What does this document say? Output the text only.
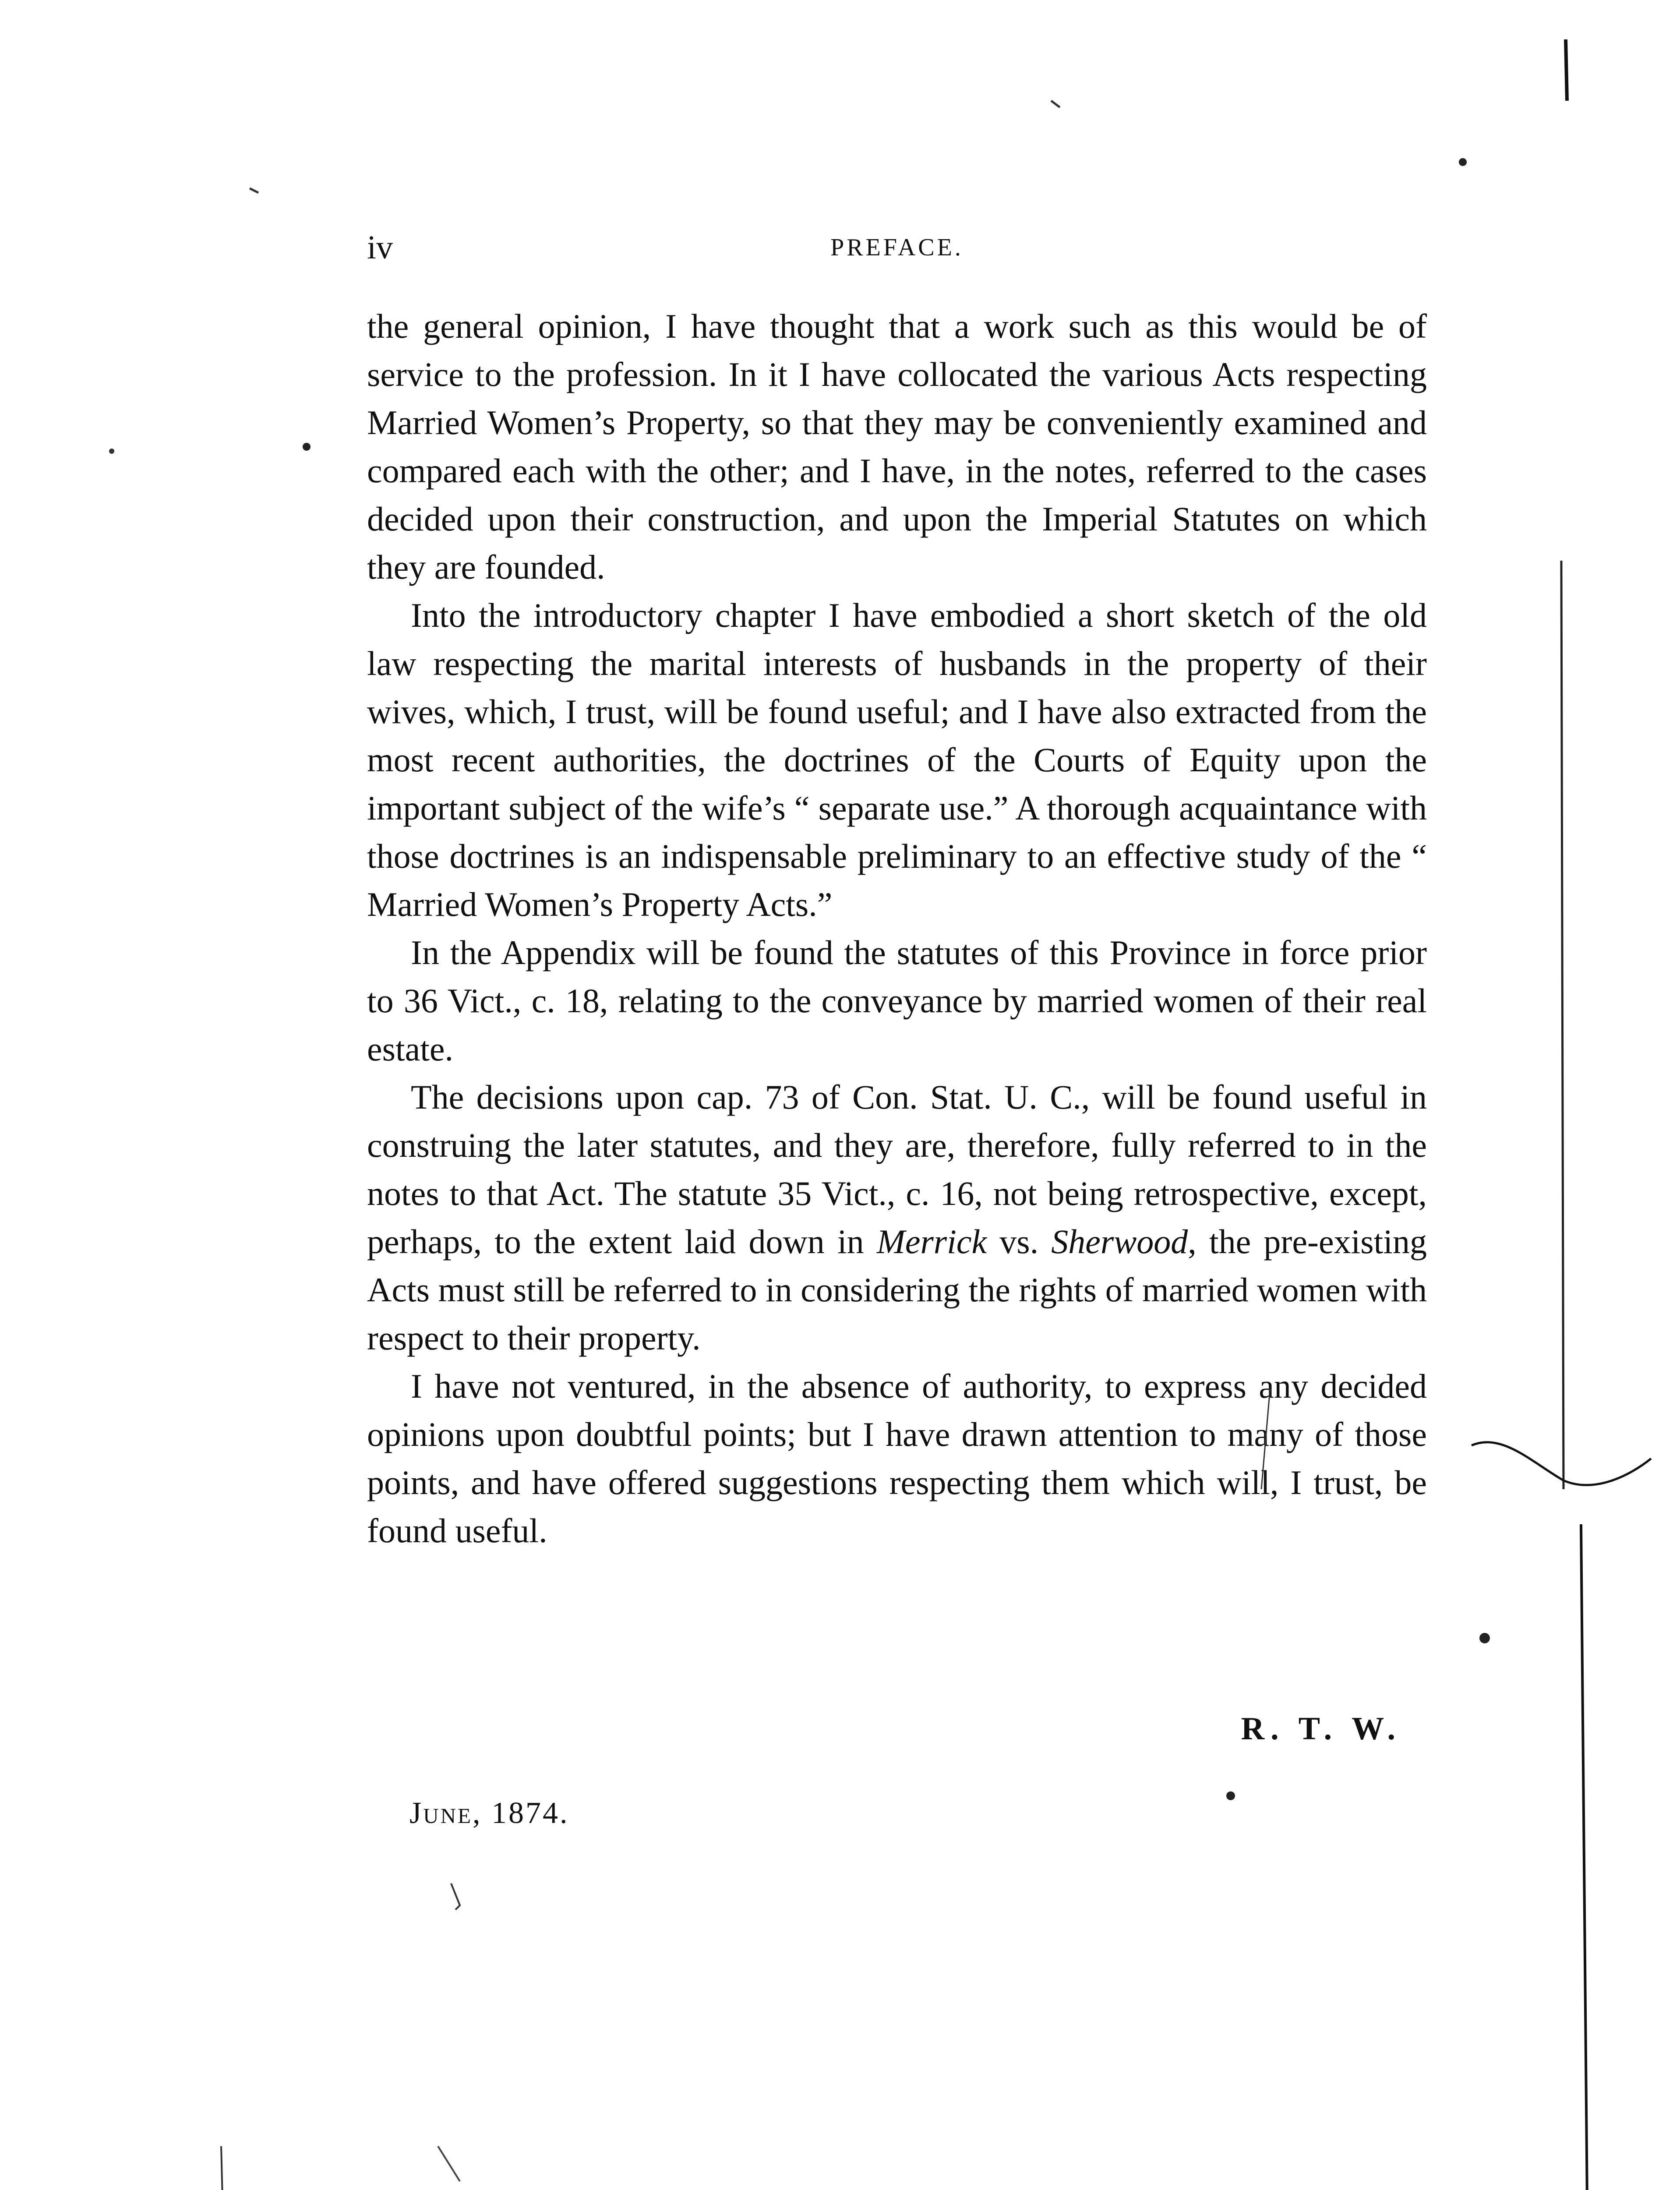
iv	PREFACE.

the general opinion, I have thought that a work such as this would be of service to the profession. In it I have collocated the various Acts respecting Married Women’s Property, so that they may be conveniently examined and compared each with the other; and I have, in the notes, referred to the cases decided upon their construction, and upon the Imperial Statutes on which they are founded.

Into the introductory chapter I have embodied a short sketch of the old law respecting the marital interests of husbands in the property of their wives, which, I trust, will be found useful; and I have also extracted from the most recent authorities, the doctrines of the Courts of Equity upon the important subject of the wife’s “ separate use.” A thorough acquaintance with those doctrines is an indispensable preliminary to an effective study of the “ Married Women’s Property Acts.”

In the Appendix will be found the statutes of this Province in force prior to 36 Vict., c. 18, relating to the conveyance by married women of their real estate.

The decisions upon cap. 73 of Con. Stat. U. C., will be found useful in construing the later statutes, and they are, therefore, fully referred to in the notes to that Act. The statute 35 Vict., c. 16, not being retrospective, except, perhaps, to the extent laid down in Merrick vs. Sherwood, the pre-existing Acts must still be referred to in considering the rights of married women with respect to their property.

I have not ventured, in the absence of authority, to express any decided opinions upon doubtful points; but I have drawn attention to many of those points, and have offered suggestions respecting them which will, I trust, be found useful.

R. T. W.
June, 1874.
